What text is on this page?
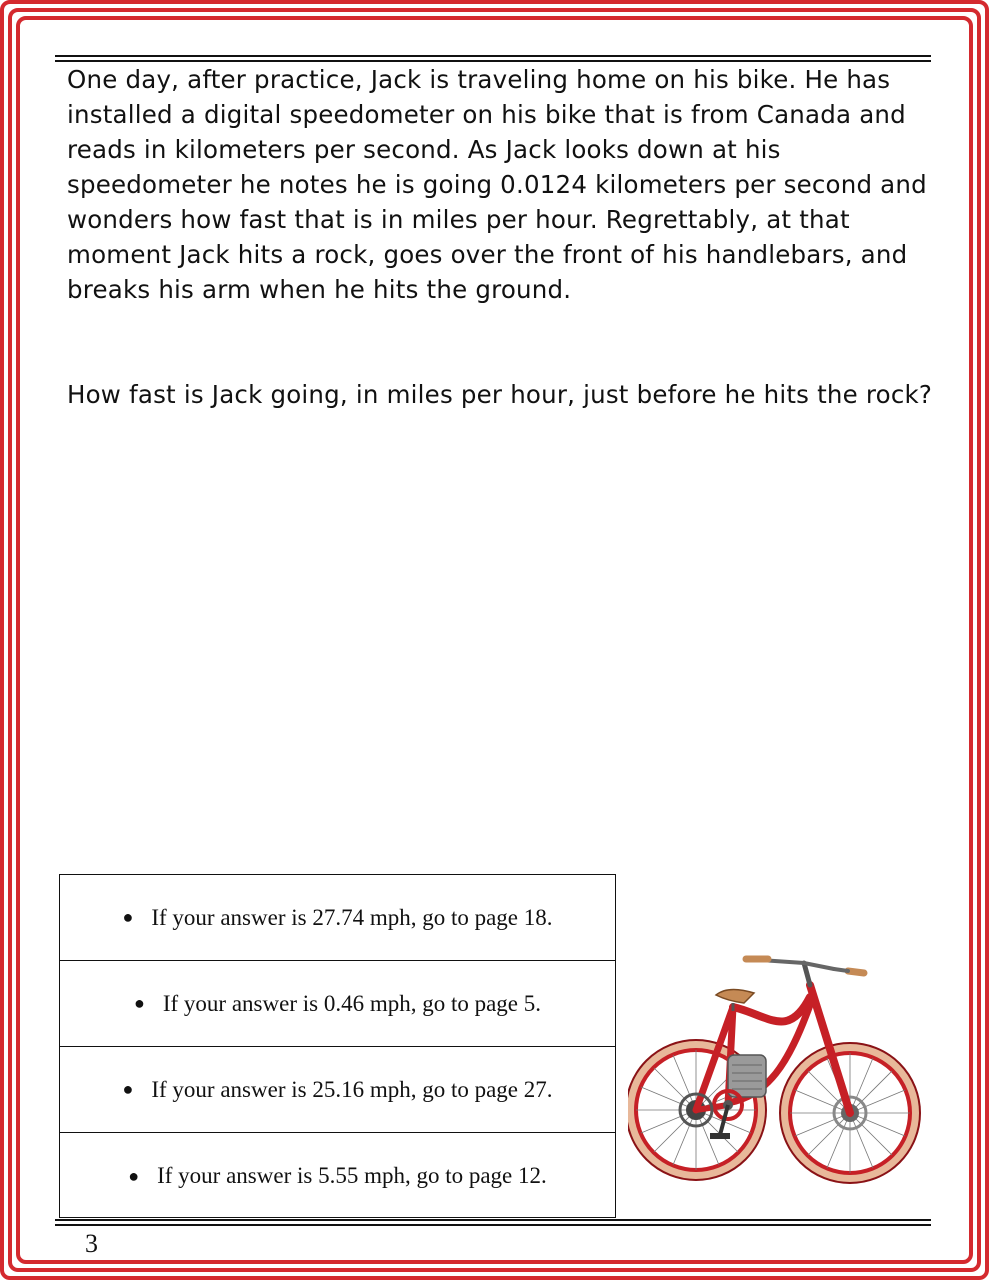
One day, after practice, Jack is traveling home on his bike. He has installed a digital speedometer on his bike that is from Canada and reads in kilometers per second. As Jack looks down at his speedometer he notes he is going 0.0124 kilometers per second and wonders how fast that is in miles per hour. Regrettably, at that moment Jack hits a rock, goes over the front of his handlebars, and breaks his arm when he hits the ground.

How fast is Jack going, in miles per hour, just before he hits the rock?

● If your answer is 27.74 mph, go to page 18.
● If your answer is 0.46 mph, go to page 5.
● If your answer is 25.16 mph, go to page 27.
● If your answer is 5.55 mph, go to page 12.
3
